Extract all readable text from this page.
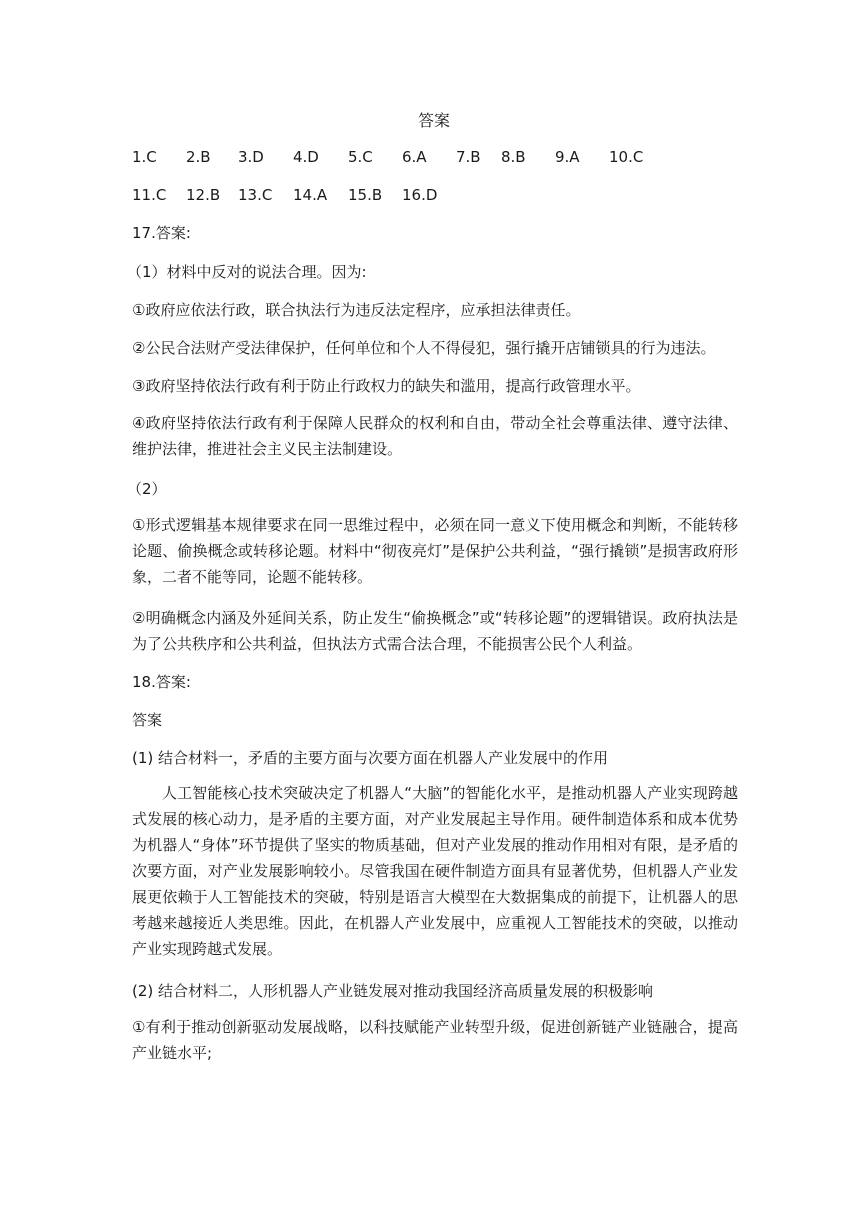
答案
1.C 2.B 3.D 4.D 5.C 6.A 7.B 8.B 9.A 10.C
11.C 12.B 13.C 14.A 15.B 16.D
17.答案:
（1）材料中反对的说法合理。因为:
①政府应依法行政，联合执法行为违反法定程序，应承担法律责任。
②公民合法财产受法律保护，任何单位和个人不得侵犯，强行撬开店铺锁具的行为违法。
③政府坚持依法行政有利于防止行政权力的缺失和滥用，提高行政管理水平。
④政府坚持依法行政有利于保障人民群众的权利和自由，带动全社会尊重法律、遵守法律、维护法律，推进社会主义民主法制建设。
（2）
①形式逻辑基本规律要求在同一思维过程中，必须在同一意义下使用概念和判断，不能转移论题、偷换概念或转移论题。材料中“彻夜亮灯”是保护公共利益，“强行撬锁”是损害政府形象，二者不能等同，论题不能转移。
②明确概念内涵及外延间关系，防止发生“偷换概念”或“转移论题”的逻辑错误。政府执法是为了公共秩序和公共利益，但执法方式需合法合理，不能损害公民个人利益。
18.答案:
答案
(1) 结合材料一，矛盾的主要方面与次要方面在机器人产业发展中的作用
人工智能核心技术突破决定了机器人“大脑”的智能化水平，是推动机器人产业实现跨越式发展的核心动力，是矛盾的主要方面，对产业发展起主导作用。硬件制造体系和成本优势为机器人“身体”环节提供了坚实的物质基础，但对产业发展的推动作用相对有限，是矛盾的次要方面，对产业发展影响较小。尽管我国在硬件制造方面具有显著优势，但机器人产业发展更依赖于人工智能技术的突破，特别是语言大模型在大数据集成的前提下，让机器人的思考越来越接近人类思维。因此，在机器人产业发展中，应重视人工智能技术的突破，以推动产业实现跨越式发展。
(2) 结合材料二，人形机器人产业链发展对推动我国经济高质量发展的积极影响
①有利于推动创新驱动发展战略，以科技赋能产业转型升级，促进创新链产业链融合，提高产业链水平;
